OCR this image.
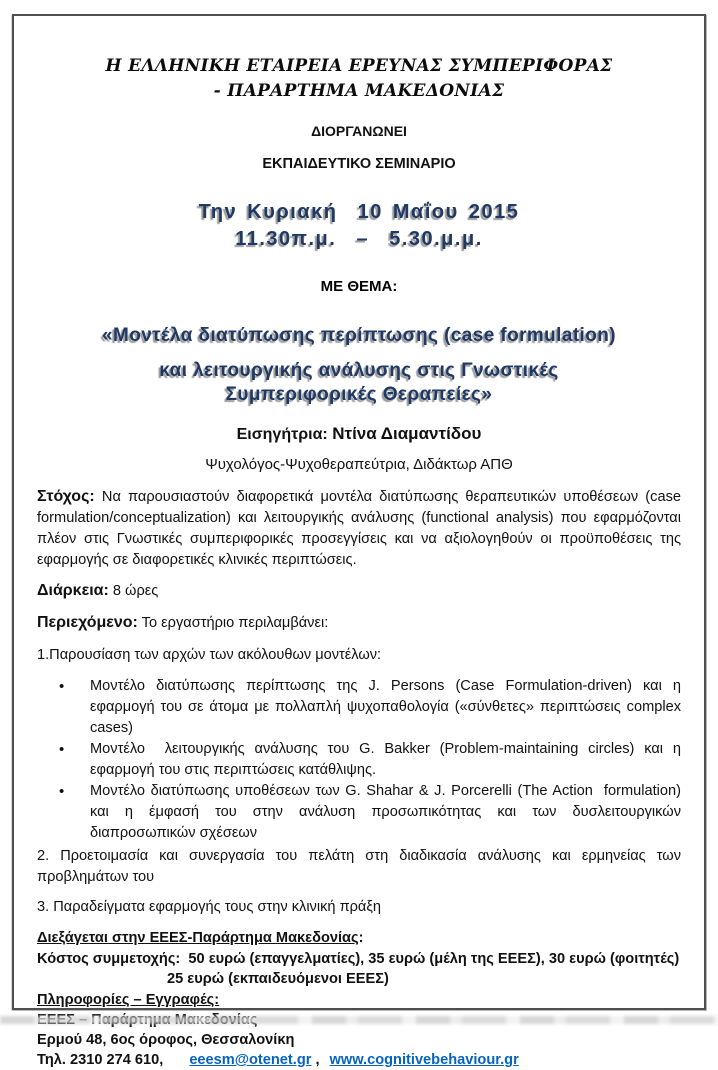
Η ΕΛΛΗΝΙΚΗ ΕΤΑΙΡΕΙΑ ΕΡΕΥΝΑΣ ΣΥΜΠΕΡΙΦΟΡΑΣ
- ΠΑΡΑΡΤΗΜΑ ΜΑΚΕΔΟΝΙΑΣ
ΔΙΟΡΓΑΝΩΝΕΙ
ΕΚΠΑΙΔΕΥΤΙΚΟ ΣΕΜΙΝΑΡΙΟ
Την Κυριακή  10 Μαΐου 2015
11.30π.μ.  –  5.30.μ.μ.
ΜΕ ΘΕΜΑ:
«Μοντέλα διατύπωσης περίπτωσης (case formulation)
και λειτουργικής ανάλυσης στις Γνωστικές
Συμπεριφορικές Θεραπείες»
Εισηγήτρια: Ντίνα Διαμαντίδου
Ψυχολόγος-Ψυχοθεραπεύτρια, Διδάκτωρ ΑΠΘ

Στόχος: Να παρουσιαστούν διαφορετικά μοντέλα διατύπωσης θεραπευτικών υποθέσεων (case formulation/conceptualization) και λειτουργικής ανάλυσης (functional analysis) που εφαρμόζονται πλέον στις Γνωστικές συμπεριφορικές προσεγγίσεις και να αξιολογηθούν οι προϋποθέσεις της εφαρμογής σε διαφορετικές κλινικές περιπτώσεις.

Διάρκεια: 8 ώρες

Περιεχόμενο: Το εργαστήριο περιλαμβάνει:

1.Παρουσίαση των αρχών των ακόλουθων μοντέλων:

• Μοντέλο διατύπωσης περίπτωσης της J. Persons (Case Formulation-driven) και η εφαρμογή του σε άτομα με πολλαπλή ψυχοπαθολογία («σύνθετες» περιπτώσεις complex cases)
• Μοντέλο  λειτουργικής ανάλυσης του G. Bakker (Problem-maintaining circles) και η εφαρμογή του στις περιπτώσεις κατάθλιψης.
• Μοντέλο διατύπωσης υποθέσεων των G. Shahar & J. Porcerelli (The Action  formulation) και η έμφασή του στην ανάλυση προσωπικότητας και των δυσλειτουργικών διαπροσωπικών σχέσεων

2. Προετοιμασία και συνεργασία του πελάτη στη διαδικασία ανάλυσης και ερμηνείας των προβλημάτων του

3. Παραδείγματα εφαρμογής τους στην κλινική πράξη

Διεξάγεται στην ΕΕΕΣ-Παράρτημα Μακεδονίας:
Κόστος συμμετοχής:  50 ευρώ (επαγγελματίες), 35 ευρώ (μέλη της ΕΕΕΣ), 30 ευρώ (φοιτητές)
25 ευρώ (εκπαιδευόμενοι ΕΕΕΣ)
Πληροφορίες – Εγγραφές:
Ερμού 48, 6ος όροφος, Θεσσαλονίκη
Τηλ. 2310 274 610, eeesm@otenet.gr , www.cognitivebehaviour.gr
